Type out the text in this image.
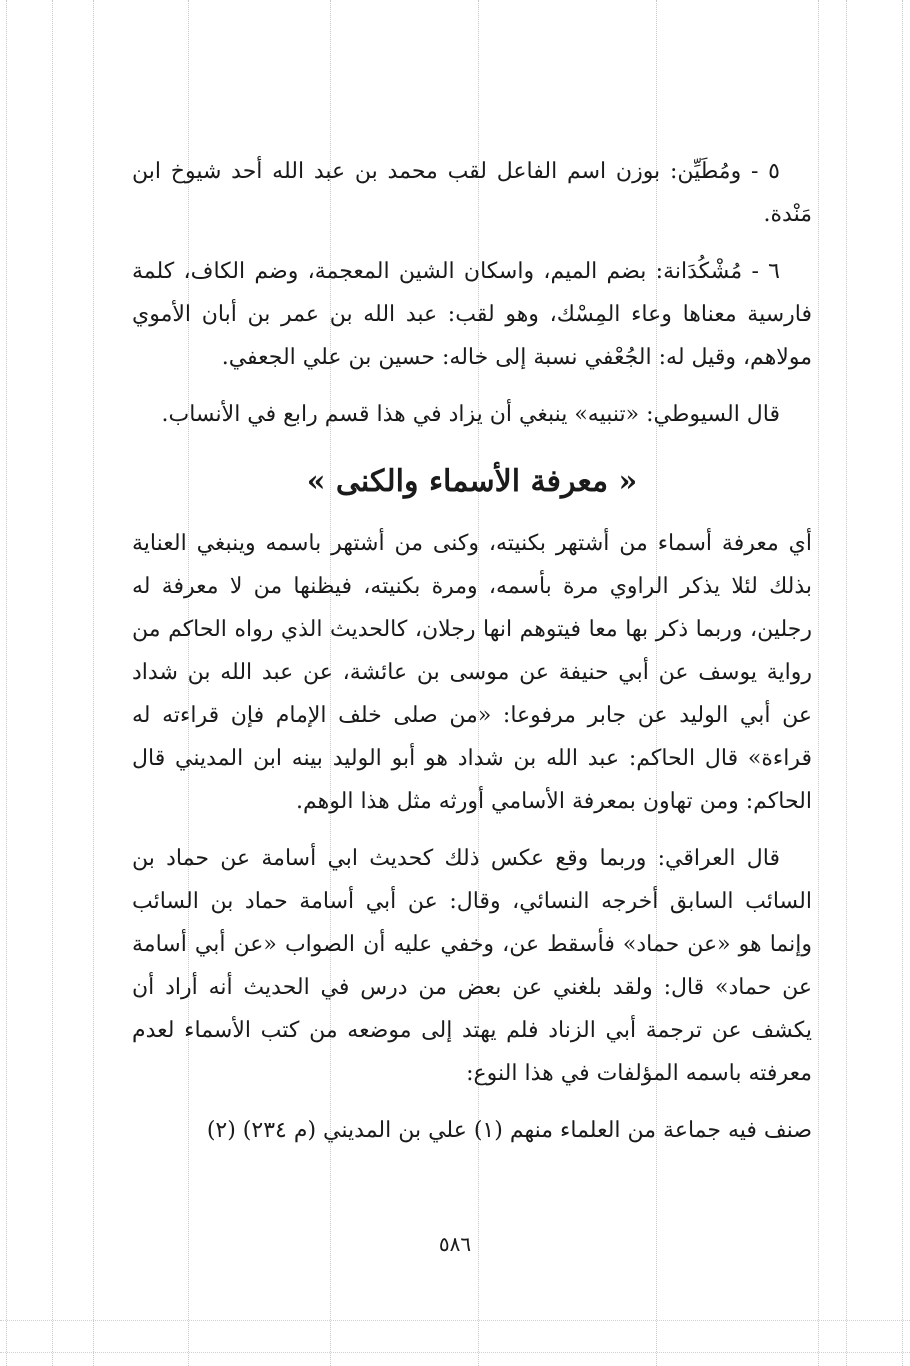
٥ - ومُطَيِّن: بوزن اسم الفاعل لقب محمد بن عبد الله أحد شيوخ ابن مَنْدة.

٦ - مُشْكُدَانة: بضم الميم، واسكان الشين المعجمة، وضم الكاف، كلمة فارسية معناها وعاء المِسْك، وهو لقب: عبد الله بن عمر بن أبان الأموي مولاهم، وقيل له: الجُعْفي نسبة إلى خاله: حسين بن علي الجعفي.

قال السيوطي: «تنبيه» ينبغي أن يزاد في هذا قسم رابع في الأنساب.

« معرفة الأسماء والكنى »

أي معرفة أسماء من أشتهر بكنيته، وكنى من أشتهر باسمه وينبغي العناية بذلك لئلا يذكر الراوي مرة بأسمه، ومرة بكنيته، فيظنها من لا معرفة له رجلين، وربما ذكر بها معا فيتوهم انها رجلان، كالحديث الذي رواه الحاكم من رواية يوسف عن أبي حنيفة عن موسى بن عائشة، عن عبد الله بن شداد عن أبي الوليد عن جابر مرفوعا: «من صلى خلف الإمام فإن قراءته له قراءة» قال الحاكم: عبد الله بن شداد هو أبو الوليد بينه ابن المديني قال الحاكم: ومن تهاون بمعرفة الأسامي أورثه مثل هذا الوهم.

قال العراقي: وربما وقع عكس ذلك كحديث ابي أسامة عن حماد بن السائب السابق أخرجه النسائي، وقال: عن أبي أسامة حماد بن السائب وإنما هو «عن حماد» فأسقط عن، وخفي عليه أن الصواب «عن أبي أسامة عن حماد» قال: ولقد بلغني عن بعض من درس في الحديث أنه أراد أن يكشف عن ترجمة أبي الزناد فلم يهتد إلى موضعه من كتب الأسماء لعدم معرفته باسمه المؤلفات في هذا النوع:

صنف فيه جماعة من العلماء منهم (١) علي بن المديني (م ٢٣٤) (٢)

٥٨٦
